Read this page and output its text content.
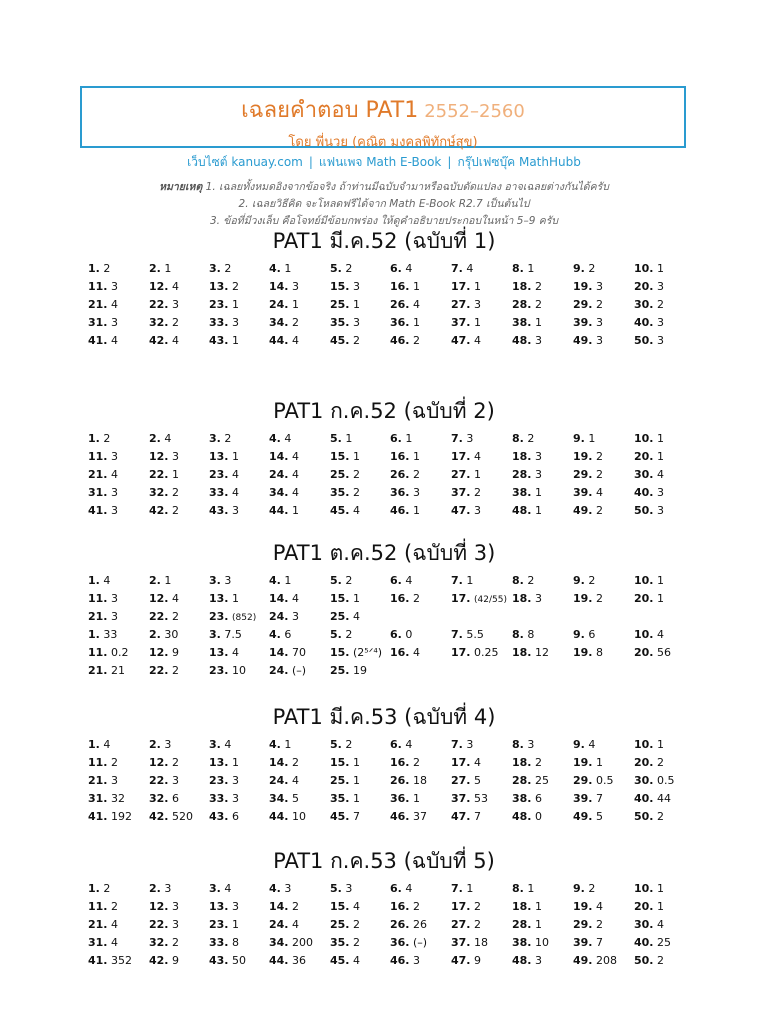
เฉลยคำตอบ PAT1 2552–2560
โดย พี่นวย (คณิต มงคลพิทักษ์สุข)
เว็บไซต์ kanuay.com | แฟนเพจ Math E-Book | กรุ๊ปเฟซบุ๊ค MathHubb
หมายเหตุ 1. เฉลยทั้งหมดอิงจากข้อจริง ถ้าท่านมีฉบับจำมาหรือฉบับดัดแปลง อาจเฉลยต่างกันได้ครับ
2. เฉลยวิธีคิด จะโหลดฟรีได้จาก Math E-Book R2.7 เป็นต้นไป
3. ข้อที่มีวงเล็บ คือโจทย์มีข้อบกพร่อง ให้ดูคำอธิบายประกอบในหน้า 5–9 ครับ
PAT1 มี.ค.52 (ฉบับที่ 1)
1. 2	2. 1	3. 2	4. 1	5. 2	6. 4	7. 4	8. 1	9. 2	10. 1
11. 3	12. 4	13. 2	14. 3	15. 3	16. 1	17. 1	18. 2	19. 3	20. 3
21. 4	22. 3	23. 1	24. 1	25. 1	26. 4	27. 3	28. 2	29. 2	30. 2
31. 3	32. 2	33. 3	34. 2	35. 3	36. 1	37. 1	38. 1	39. 3	40. 3
41. 4	42. 4	43. 1	44. 4	45. 2	46. 2	47. 4	48. 3	49. 3	50. 3
PAT1 ก.ค.52 (ฉบับที่ 2)
1. 2	2. 4	3. 2	4. 4	5. 1	6. 1	7. 3	8. 2	9. 1	10. 1
11. 3	12. 3	13. 1	14. 4	15. 1	16. 1	17. 4	18. 3	19. 2	20. 1
21. 4	22. 1	23. 4	24. 4	25. 2	26. 2	27. 1	28. 3	29. 2	30. 4
31. 3	32. 2	33. 4	34. 4	35. 2	36. 3	37. 2	38. 1	39. 4	40. 3
41. 3	42. 2	43. 3	44. 1	45. 4	46. 1	47. 3	48. 1	49. 2	50. 3
PAT1 ต.ค.52 (ฉบับที่ 3)
1. 4	2. 1	3. 3	4. 1	5. 2	6. 4	7. 1	8. 2	9. 2	10. 1
11. 3	12. 4	13. 1	14. 4	15. 1	16. 2	17. (42/55) 18. 3	19. 2	20. 1
21. 3	22. 2	23. (852) 24. 3	25. 4
1. 33	2. 30	3. 7.5 4. 6	5. 2	6. 0	7. 5.5	8. 8	9. 6	10. 4
11. 0.2 12. 9	13. 4	14. 70 15. (2⁵ᐟ⁴) 16. 4	17. 0.25 18. 12 19. 8	20. 56
21. 21 22. 2	23. 10 24. (–) 25. 19
PAT1 มี.ค.53 (ฉบับที่ 4)
1. 4	2. 3	3. 4	4. 1	5. 2	6. 4	7. 3	8. 3	9. 4	10. 1
11. 2	12. 2	13. 1	14. 2	15. 1	16. 2	17. 4	18. 2	19. 1	20. 2
21. 3	22. 3	23. 3	24. 4	25. 1	26. 18 27. 5	28. 25 29. 0.5 30. 0.5
31. 32 32. 6	33. 3	34. 5	35. 1	36. 1	37. 53 38. 6	39. 7	40. 44
41. 192 42. 520 43. 6	44. 10 45. 7	46. 37 47. 7	48. 0	49. 5	50. 2
PAT1 ก.ค.53 (ฉบับที่ 5)
1. 2	2. 3	3. 4	4. 3	5. 3	6. 4	7. 1	8. 1	9. 2	10. 1
11. 2	12. 3	13. 3	14. 2	15. 4	16. 2	17. 2	18. 1	19. 4	20. 1
21. 4	22. 3	23. 1	24. 4	25. 2	26. 26 27. 2	28. 1	29. 2	30. 4
31. 4	32. 2	33. 8	34. 200 35. 2	36. (–) 37. 18 38. 10 39. 7	40. 25
41. 352 42. 9	43. 50 44. 36 45. 4	46. 3	47. 9	48. 3	49. 208 50. 2
